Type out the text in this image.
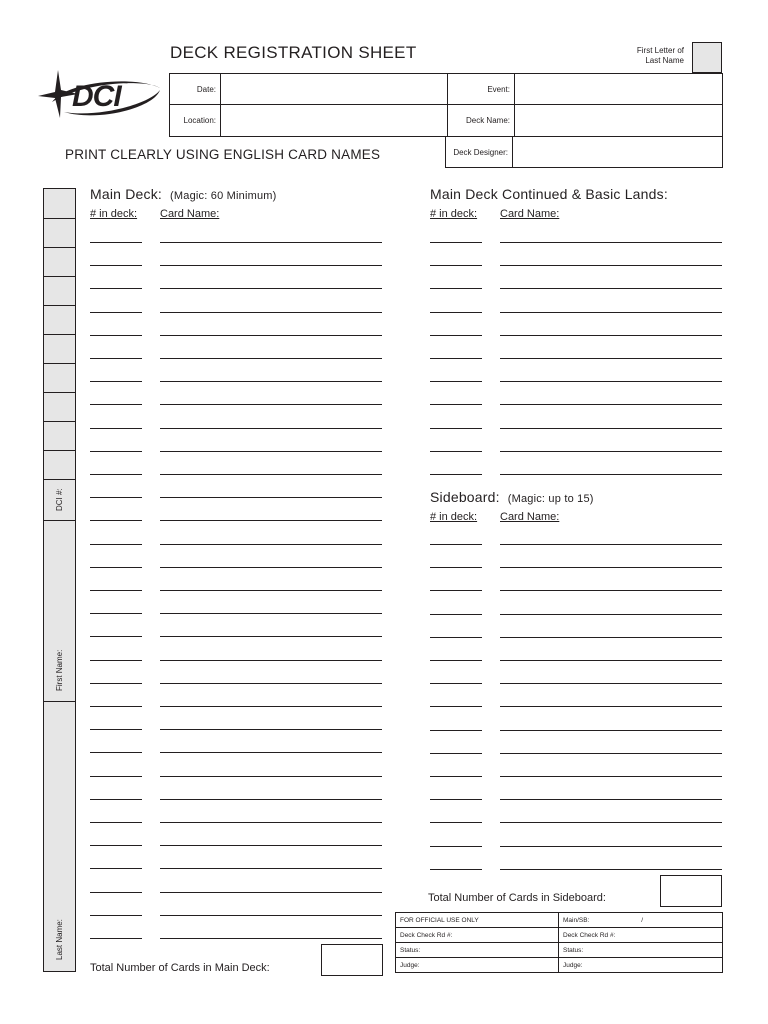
DECK REGISTRATION SHEET
DCI
First Letter of
Last Name
Date:		Event:	
Location:		Deck Name:	
Deck Designer:	
PRINT CLEARLY USING ENGLISH CARD NAMES
DCI #:
First Name:
Last Name:
Main Deck: (Magic: 60 Minimum)
# in deck: Card Name:
Main Deck Continued & Basic Lands:
# in deck: Card Name:
Sideboard: (Magic: up to 15)
# in deck: Card Name:
Total Number of Cards in Main Deck:
Total Number of Cards in Sideboard:
FOR OFFICIAL USE ONLY	Main/SB: /
Deck Check Rd #:	Deck Check Rd #:
Status:	Status:
Judge:	Judge:
